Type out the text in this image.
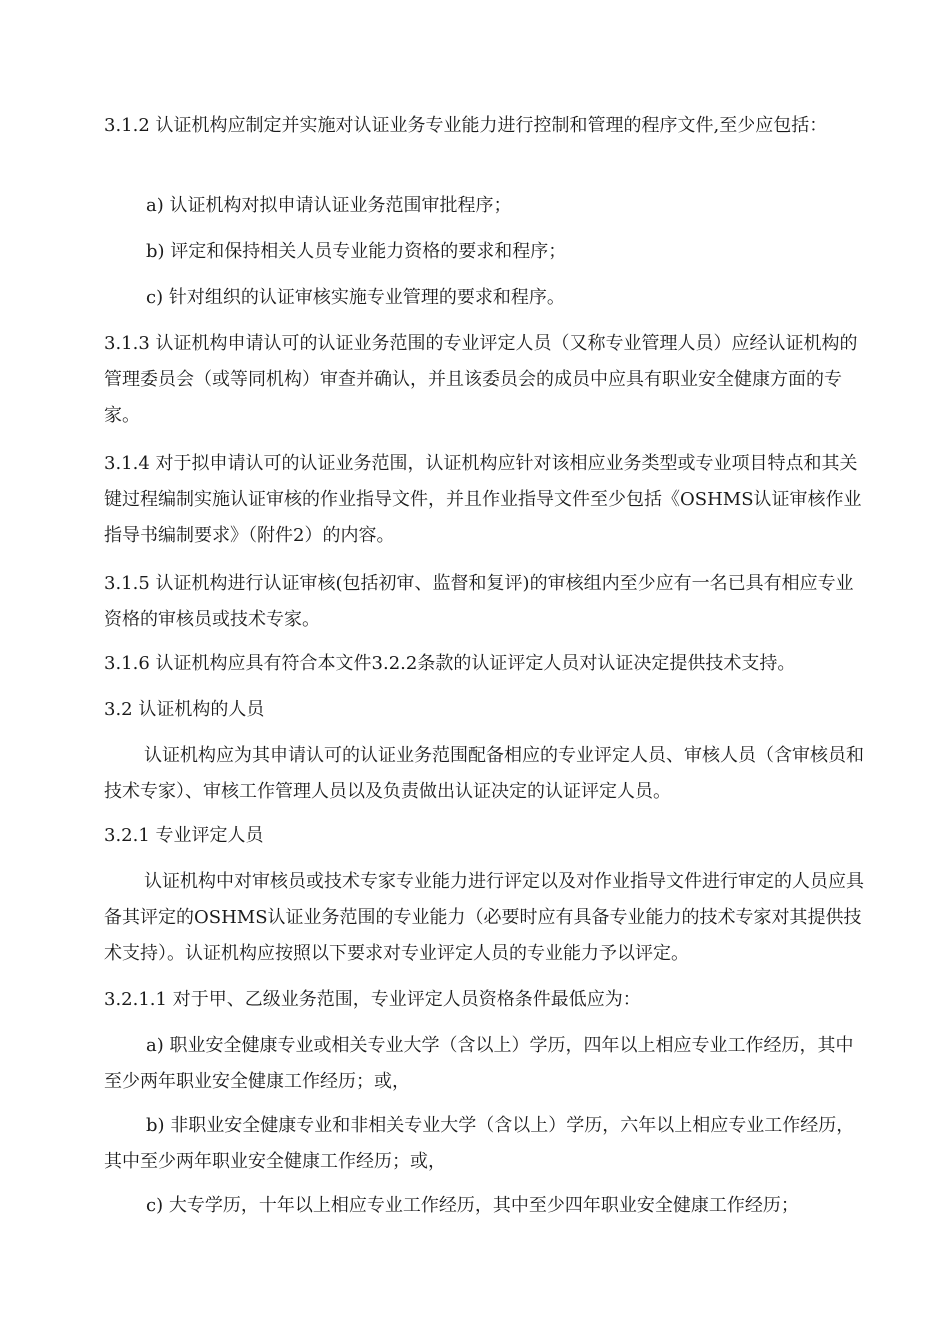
3.1.2 认证机构应制定并实施对认证业务专业能力进行控制和管理的程序文件,至少应包括：

a) 认证机构对拟申请认证业务范围审批程序；

b) 评定和保持相关人员专业能力资格的要求和程序；

c) 针对组织的认证审核实施专业管理的要求和程序。

3.1.3 认证机构申请认可的认证业务范围的专业评定人员（又称专业管理人员）应经认证机构的管理委员会（或等同机构）审查并确认，并且该委员会的成员中应具有职业安全健康方面的专家。

3.1.4 对于拟申请认可的认证业务范围，认证机构应针对该相应业务类型或专业项目特点和其关键过程编制实施认证审核的作业指导文件，并且作业指导文件至少包括《OSHMS认证审核作业指导书编制要求》（附件2）的内容。

3.1.5 认证机构进行认证审核(包括初审、监督和复评)的审核组内至少应有一名已具有相应专业资格的审核员或技术专家。

3.1.6 认证机构应具有符合本文件3.2.2条款的认证评定人员对认证决定提供技术支持。

3.2 认证机构的人员

认证机构应为其申请认可的认证业务范围配备相应的专业评定人员、审核人员（含审核员和技术专家）、审核工作管理人员以及负责做出认证决定的认证评定人员。

3.2.1 专业评定人员

认证机构中对审核员或技术专家专业能力进行评定以及对作业指导文件进行审定的人员应具备其评定的OSHMS认证业务范围的专业能力（必要时应有具备专业能力的技术专家对其提供技术支持）。认证机构应按照以下要求对专业评定人员的专业能力予以评定。

3.2.1.1 对于甲、乙级业务范围，专业评定人员资格条件最低应为：

a) 职业安全健康专业或相关专业大学（含以上）学历，四年以上相应专业工作经历，其中至少两年职业安全健康工作经历；或，

b) 非职业安全健康专业和非相关专业大学（含以上）学历，六年以上相应专业工作经历，其中至少两年职业安全健康工作经历；或，

c) 大专学历，十年以上相应专业工作经历，其中至少四年职业安全健康工作经历；
